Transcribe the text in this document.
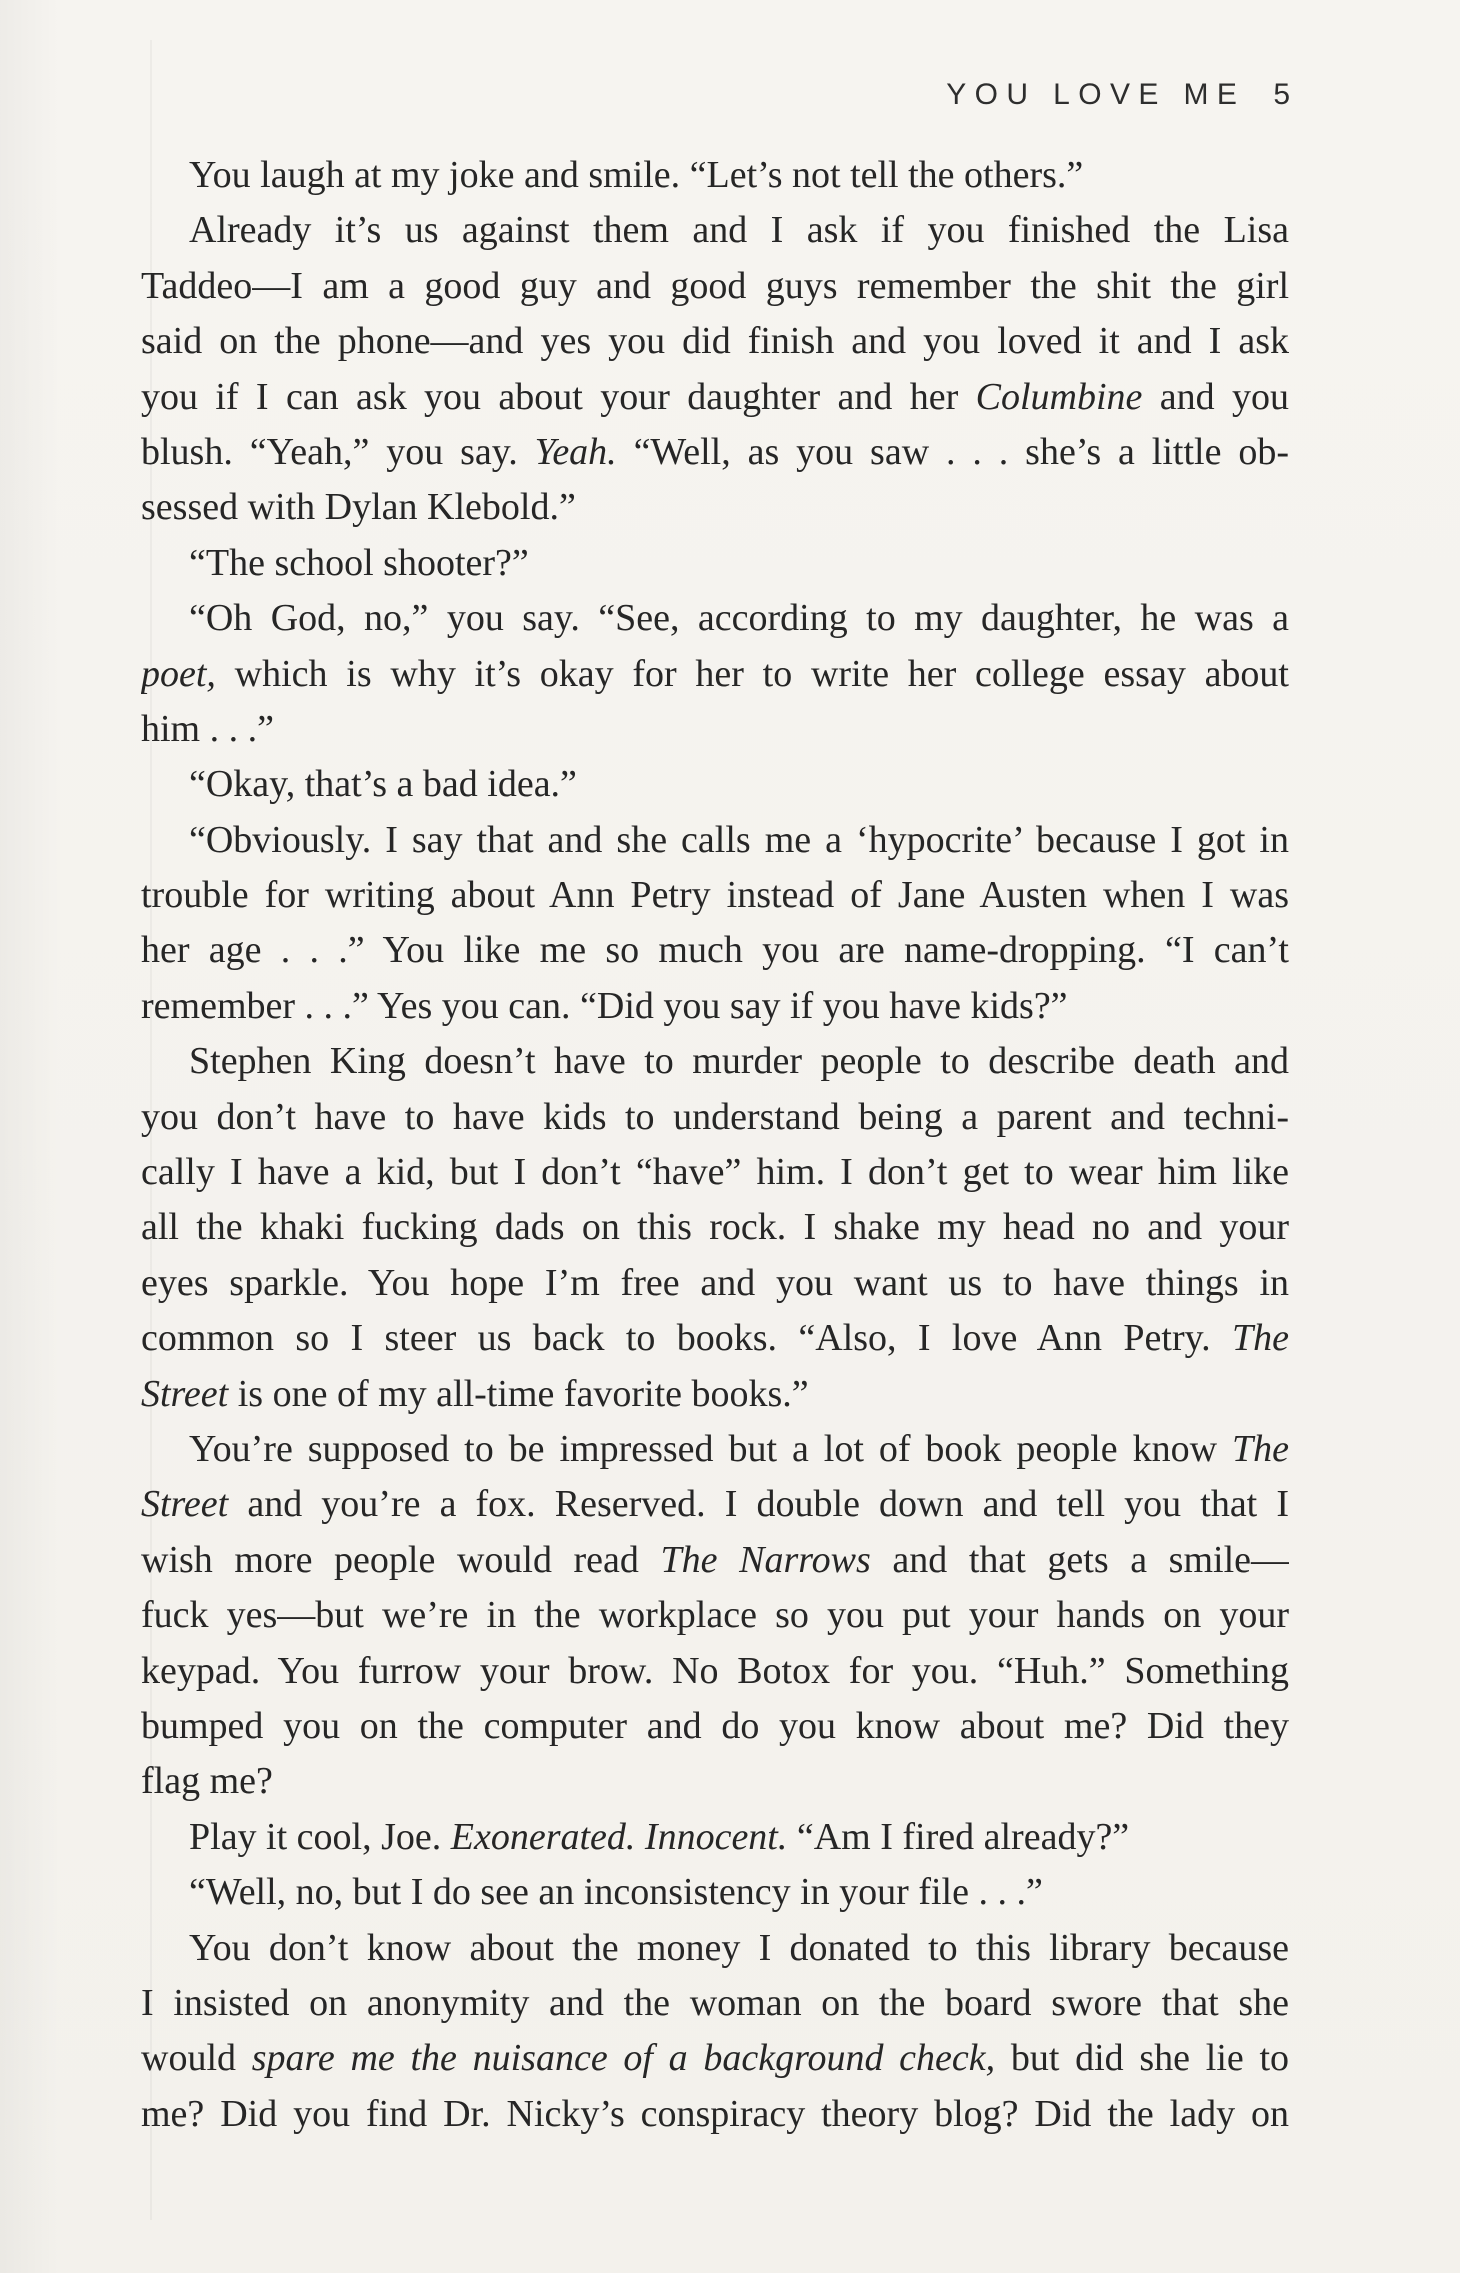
YOU LOVE ME 5
You laugh at my joke and smile. “Let’s not tell the others.”
Already it’s us against them and I ask if you finished the Lisa
Taddeo—I am a good guy and good guys remember the shit the girl
said on the phone—and yes you did finish and you loved it and I ask
you if I can ask you about your daughter and her Columbine and you
blush. “Yeah,” you say. Yeah. “Well, as you saw . . . she’s a little ob-
sessed with Dylan Klebold.”
“The school shooter?”
“Oh God, no,” you say. “See, according to my daughter, he was a
poet, which is why it’s okay for her to write her college essay about
him . . .”
“Okay, that’s a bad idea.”
“Obviously. I say that and she calls me a ‘hypocrite’ because I got in
trouble for writing about Ann Petry instead of Jane Austen when I was
her age . . .” You like me so much you are name-dropping. “I can’t
remember . . .” Yes you can. “Did you say if you have kids?”
Stephen King doesn’t have to murder people to describe death and
you don’t have to have kids to understand being a parent and techni-
cally I have a kid, but I don’t “have” him. I don’t get to wear him like
all the khaki fucking dads on this rock. I shake my head no and your
eyes sparkle. You hope I’m free and you want us to have things in
common so I steer us back to books. “Also, I love Ann Petry. The
Street is one of my all-time favorite books.”
You’re supposed to be impressed but a lot of book people know The
Street and you’re a fox. Reserved. I double down and tell you that I
wish more people would read The Narrows and that gets a smile—
fuck yes—but we’re in the workplace so you put your hands on your
keypad. You furrow your brow. No Botox for you. “Huh.” Something
bumped you on the computer and do you know about me? Did they
flag me?
Play it cool, Joe. Exonerated. Innocent. “Am I fired already?”
“Well, no, but I do see an inconsistency in your file . . .”
You don’t know about the money I donated to this library because
I insisted on anonymity and the woman on the board swore that she
would spare me the nuisance of a background check, but did she lie to
me? Did you find Dr. Nicky’s conspiracy theory blog? Did the lady on
